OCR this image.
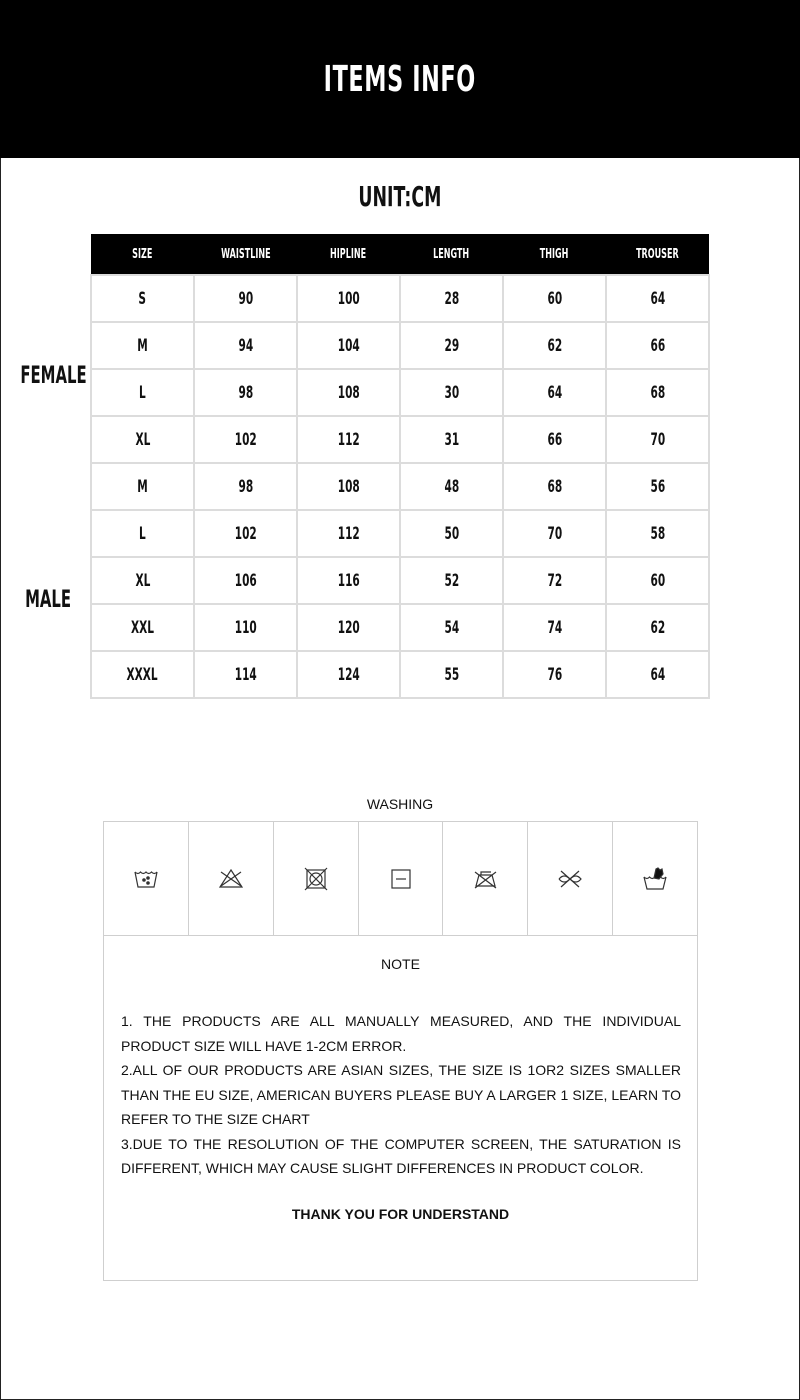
ITEMS INFO
UNIT:CM
SIZE	WAISTLINE	HIPLINE	LENGTH	THIGH	TROUSER
S	90	100	28	60	64
M	94	104	29	62	66
L	98	108	30	64	68
XL	102	112	31	66	70
M	98	108	48	68	56
L	102	112	50	70	58
XL	106	116	52	72	60
XXL	110	120	54	74	62
XXXL	114	124	55	76	64
FEMALE
MALE
WASHING
NOTE

1. THE PRODUCTS ARE ALL MANUALLY MEASURED, AND THE INDIVIDUAL PRODUCT SIZE WILL HAVE 1-2CM ERROR.

2.ALL OF OUR PRODUCTS ARE ASIAN SIZES, THE SIZE IS 1OR2 SIZES SMALLER THAN THE EU SIZE, AMERICAN BUYERS PLEASE BUY A LARGER 1 SIZE, LEARN TO REFER TO THE SIZE CHART

3.DUE TO THE RESOLUTION OF THE COMPUTER SCREEN, THE SATURATION IS DIFFERENT, WHICH MAY CAUSE SLIGHT DIFFERENCES IN PRODUCT COLOR.

THANK YOU FOR UNDERSTAND
